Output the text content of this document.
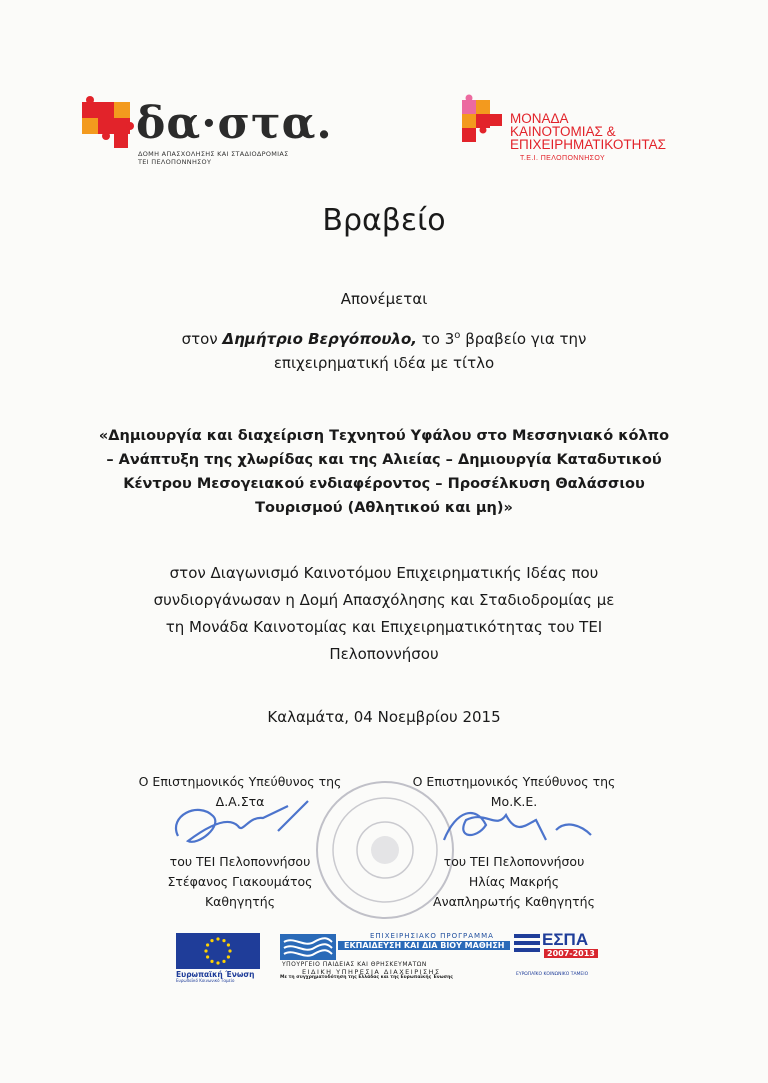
δα·στα.
ΔΟΜΗ ΑΠΑΣΧΟΛΗΣΗΣ ΚΑΙ ΣΤΑΔΙΟΔΡΟΜΙΑΣ
ΤΕΙ ΠΕΛΟΠΟΝΝΗΣΟΥ
ΜΟΝΑΔΑ
ΚΑΙΝΟΤΟΜΙΑΣ &
ΕΠΙΧΕΙΡΗΜΑΤΙΚΟΤΗΤΑΣ
Τ.Ε.Ι. ΠΕΛΟΠΟΝΝΗΣΟΥ
Βραβείο
Απονέμεται
στον Δημήτριο Βεργόπουλο, το $3^o$ βραβείο για την
επιχειρηματική ιδέα με τίτλο
«Δημιουργία και διαχείριση Τεχνητού Υφάλου στο Μεσσηνιακό κόλπο
– Ανάπτυξη της χλωρίδας και της Αλιείας – Δημιουργία Καταδυτικού
Κέντρου Μεσογειακού ενδιαφέροντος – Προσέλκυση Θαλάσσιου
Τουρισμού (Αθλητικού και μη)»
στον Διαγωνισμό Καινοτόμου Επιχειρηματικής Ιδέας που
συνδιοργάνωσαν η Δομή Απασχόλησης και Σταδιοδρομίας με
τη Μονάδα Καινοτομίας και Επιχειρηματικότητας του ΤΕΙ
Πελοποννήσου
Καλαμάτα, 04 Νοεμβρίου 2015
Ο Επιστημονικός Υπεύθυνος της
Δ.Α.Στα
Ο Επιστημονικός Υπεύθυνος της
Μο.Κ.Ε.
του ΤΕΙ Πελοποννήσου
Στέφανος Γιακουμάτος
Καθηγητής
του ΤΕΙ Πελοποννήσου
Ηλίας Μακρής
Αναπληρωτής Καθηγητής
Ευρωπαϊκή Ένωση
Ευρωπαϊκό Κοινωνικό Ταμείο
ΕΠΙΧΕΙΡΗΣΙΑΚΟ ΠΡΟΓΡΑΜΜΑ
ΕΚΠΑΙΔΕΥΣΗ ΚΑΙ ΔΙΑ ΒΙΟΥ ΜΑΘΗΣΗ
ΥΠΟΥΡΓΕΙΟ ΠΑΙΔΕΙΑΣ ΚΑΙ ΘΡΗΣΚΕΥΜΑΤΩΝ
ΕΙΔΙΚΗ ΥΠΗΡΕΣΙΑ ΔΙΑΧΕΙΡΙΣΗΣ
Με τη συγχρηματοδότηση της Ελλάδας και της Ευρωπαϊκής Ένωσης
ΕΣΠΑ
2007-2013
ΕΥΡΩΠΑΪΚΟ ΚΟΙΝΩΝΙΚΟ ΤΑΜΕΙΟ
